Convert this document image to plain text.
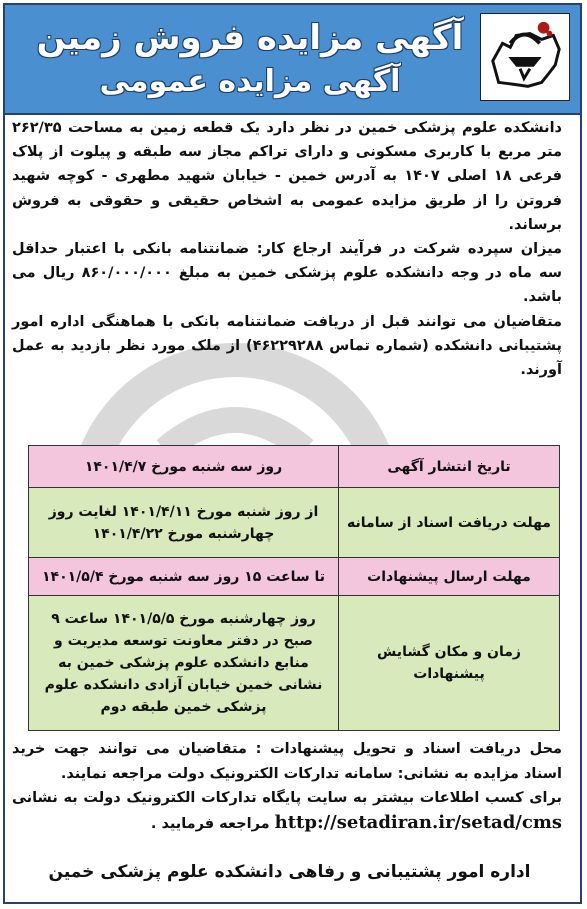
آگهی مزایده فروش زمین
آگهی مزایده عمومی

دانشکده علوم پزشکی خمین در نظر دارد یک قطعه زمین به مساحت ۲۶۲/۳۵ متر مربع با کاربری مسکونی و دارای تراکم مجاز سه طبقه و پیلوت از پلاک فرعی ۱۸ اصلی ۱۴۰۷ به آدرس خمین - خیابان شهید مطهری - کوچه شهید فروتن را از طریق مزایده عمومی به اشخاص حقیقی و حقوقی به فروش برساند.

میزان سپرده شرکت در فرآیند ارجاع کار: ضمانتنامه بانکی با اعتبار حداقل سه ماه در وجه دانشکده علوم پزشکی خمین به مبلغ ۸۶۰/۰۰۰/۰۰۰ ریال می باشد.

متقاضیان می توانند قبل از دریافت ضمانتنامه بانکی با هماهنگی اداره امور پشتیبانی دانشکده (شماره تماس ۴۶۲۲۹۲۸۸) از ملک مورد نظر بازدید به عمل آورند.

تاریخ انتشار آگهی	روز سه شنبه مورخ ۱۴۰۱/۴/۷
مهلت دریافت اسناد از سامانه	از روز شنبه مورخ ۱۴۰۱/۴/۱۱ لغایت روز چهارشنبه مورخ ۱۴۰۱/۴/۲۲
مهلت ارسال پیشنهادات	تا ساعت ۱۵ روز سه شنبه مورخ ۱۴۰۱/۵/۴
زمان و مکان گشایش پیشنهادات	روز چهارشنبه مورخ ۱۴۰۱/۵/۵ ساعت ۹ صبح در دفتر معاونت توسعه مدیریت و منابع دانشکده علوم پزشکی خمین به نشانی خمین خیابان آزادی دانشکده علوم پزشکی خمین طبقه دوم

محل دریافت اسناد و تحویل پیشنهادات : متقاضیان می توانند جهت خرید اسناد مزایده به نشانی: سامانه تدارکات الکترونیک دولت مراجعه نمایند.

برای کسب اطلاعات بیشتر به سایت پایگاه تدارکات الکترونیک دولت به نشانی http://setadiran.ir/setad/cms مراجعه فرمایید .

اداره امور پشتیبانی و رفاهی دانشکده علوم پزشکی خمین
